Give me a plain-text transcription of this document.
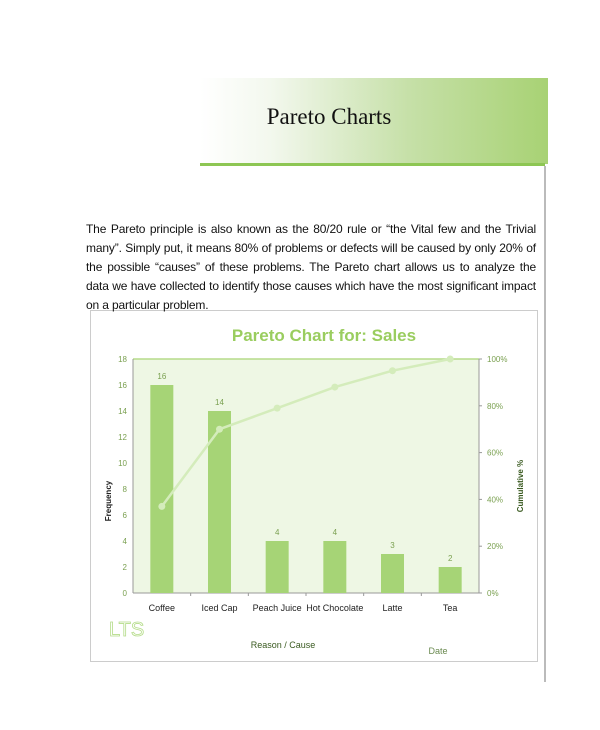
Pareto Charts
The Pareto principle is also known as the 80/20 rule or “the Vital few and the Trivial many”. Simply put, it means 80% of problems or defects will be caused by only 20% of the possible “causes” of these problems. The Pareto chart allows us to analyze the data we have collected to identify those causes which have the most significant impact on a particular problem.
Pareto Chart for: Sales
Frequency	Cumulative %
Reason / Cause
Date
LTS
0
2
4
6
8
10
12
14
16
18
0%
20%
40%
60%
80%
100%
16
Coffee
14
Iced Cap
4
Peach Juice
4
Hot Chocolate
3
Latte
2
Tea
